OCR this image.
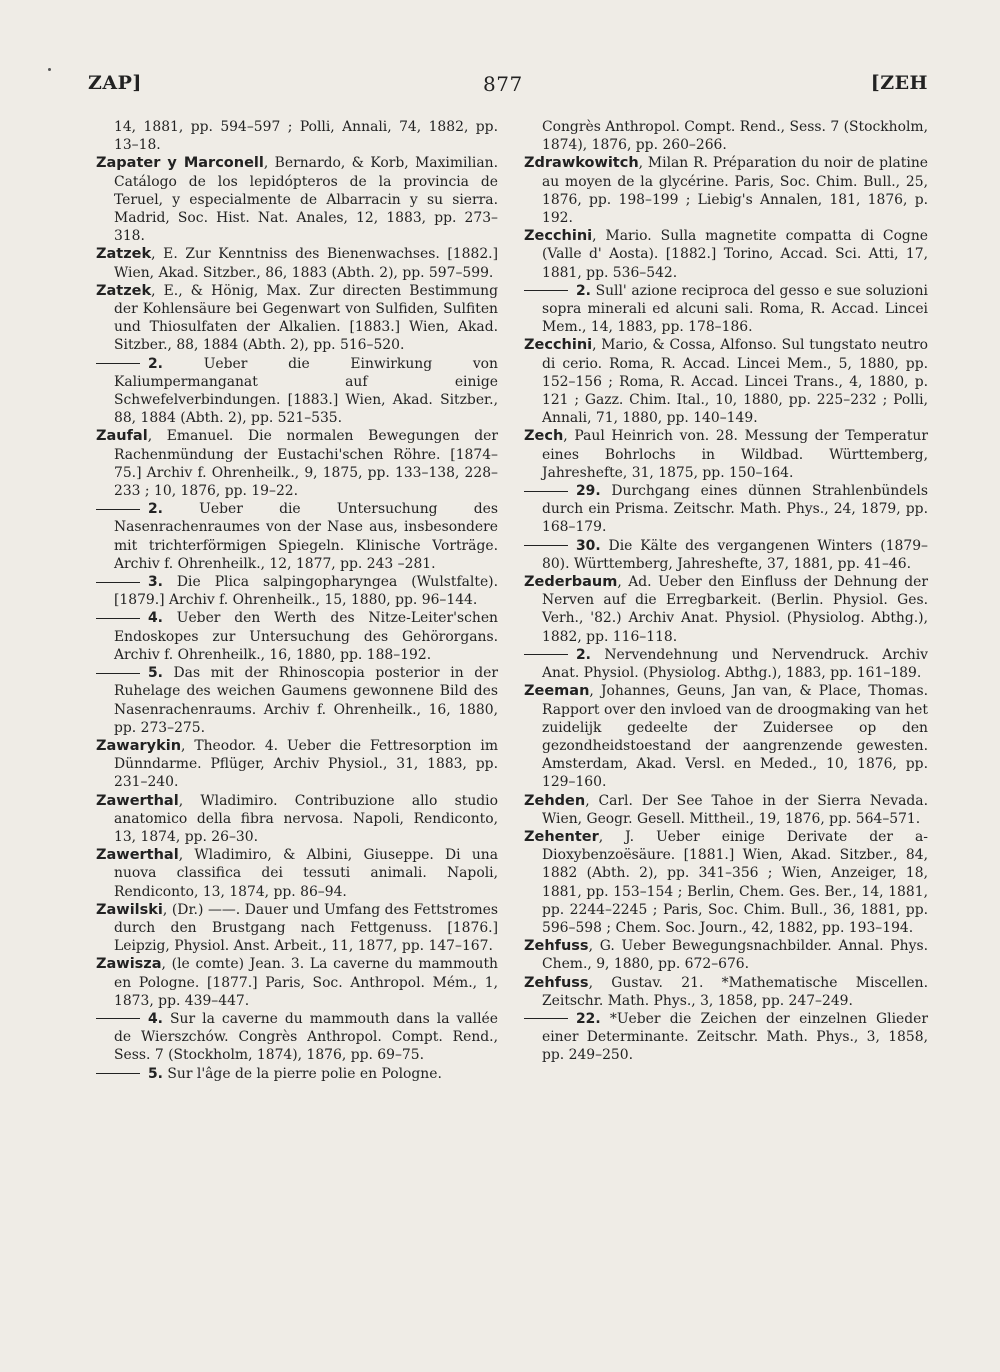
ZAP]	877	[ZEH

14, 1881, pp. 594–597 ; Polli, Annali, 74, 1882, pp. 13–18.

Zapater y Marconell, Bernardo, & Korb, Maximilian. Catálogo de los lepidópteros de la provincia de Teruel, y especialmente de Albarracin y su sierra. Madrid, Soc. Hist. Nat. Anales, 12, 1883, pp. 273–318.

Zatzek, E. Zur Kenntniss des Bienenwachses. [1882.] Wien, Akad. Sitzber., 86, 1883 (Abth. 2), pp. 597–599.

Zatzek, E., & Hönig, Max. Zur directen Bestimmung der Kohlensäure bei Gegenwart von Sulfiden, Sulfiten und Thiosulfaten der Alkalien. [1883.] Wien, Akad. Sitzber., 88, 1884 (Abth. 2), pp. 516–520.

2. Ueber die Einwirkung von Kaliumpermanganat auf einige Schwefelverbindungen. [1883.] Wien, Akad. Sitzber., 88, 1884 (Abth. 2), pp. 521–535.

Zaufal, Emanuel. Die normalen Bewegungen der Rachenmündung der Eustachi'schen Röhre. [1874–75.] Archiv f. Ohrenheilk., 9, 1875, pp. 133–138, 228–233 ; 10, 1876, pp. 19–22.

2. Ueber die Untersuchung des Nasenrachenraumes von der Nase aus, insbesondere mit trichterförmigen Spiegeln. Klinische Vorträge. Archiv f. Ohrenheilk., 12, 1877, pp. 243 –281.

3. Die Plica salpingopharyngea (Wulstfalte). [1879.] Archiv f. Ohrenheilk., 15, 1880, pp. 96–144.

4. Ueber den Werth des Nitze-Leiter'schen Endoskopes zur Untersuchung des Gehörorgans. Archiv f. Ohrenheilk., 16, 1880, pp. 188–192.

5. Das mit der Rhinoscopia posterior in der Ruhelage des weichen Gaumens gewonnene Bild des Nasenrachenraums. Archiv f. Ohrenheilk., 16, 1880, pp. 273–275.

Zawarykin, Theodor. 4. Ueber die Fettresorption im Dünndarme. Pflüger, Archiv Physiol., 31, 1883, pp. 231–240.

Zawerthal, Wladimiro. Contribuzione allo studio anatomico della fibra nervosa. Napoli, Rendiconto, 13, 1874, pp. 26–30.

Zawerthal, Wladimiro, & Albini, Giuseppe. Di una nuova classifica dei tessuti animali. Napoli, Rendiconto, 13, 1874, pp. 86–94.

Zawilski, (Dr.) ——. Dauer und Umfang des Fettstromes durch den Brustgang nach Fettgenuss. [1876.] Leipzig, Physiol. Anst. Arbeit., 11, 1877, pp. 147–167.

Zawisza, (le comte) Jean. 3. La caverne du mammouth en Pologne. [1877.] Paris, Soc. Anthropol. Mém., 1, 1873, pp. 439–447.

4. Sur la caverne du mammouth dans la vallée de Wierszchów. Congrès Anthropol. Compt. Rend., Sess. 7 (Stockholm, 1874), 1876, pp. 69–75.

5. Sur l'âge de la pierre polie en Pologne.

Congrès Anthropol. Compt. Rend., Sess. 7 (Stockholm, 1874), 1876, pp. 260–266.

Zdrawkowitch, Milan R. Préparation du noir de platine au moyen de la glycérine. Paris, Soc. Chim. Bull., 25, 1876, pp. 198–199 ; Liebig's Annalen, 181, 1876, p. 192.

Zecchini, Mario. Sulla magnetite compatta di Cogne (Valle d' Aosta). [1882.] Torino, Accad. Sci. Atti, 17, 1881, pp. 536–542.

2. Sull' azione reciproca del gesso e sue soluzioni sopra minerali ed alcuni sali. Roma, R. Accad. Lincei Mem., 14, 1883, pp. 178–186.

Zecchini, Mario, & Cossa, Alfonso. Sul tungstato neutro di cerio. Roma, R. Accad. Lincei Mem., 5, 1880, pp. 152–156 ; Roma, R. Accad. Lincei Trans., 4, 1880, p. 121 ; Gazz. Chim. Ital., 10, 1880, pp. 225–232 ; Polli, Annali, 71, 1880, pp. 140–149.

Zech, Paul Heinrich von. 28. Messung der Temperatur eines Bohrlochs in Wildbad. Württemberg, Jahreshefte, 31, 1875, pp. 150–164.

29. Durchgang eines dünnen Strahlenbündels durch ein Prisma. Zeitschr. Math. Phys., 24, 1879, pp. 168–179.

30. Die Kälte des vergangenen Winters (1879–80). Württemberg, Jahreshefte, 37, 1881, pp. 41–46.

Zederbaum, Ad. Ueber den Einfluss der Dehnung der Nerven auf die Erregbarkeit. (Berlin. Physiol. Ges. Verh., '82.) Archiv Anat. Physiol. (Physiolog. Abthg.), 1882, pp. 116–118.

2. Nervendehnung und Nervendruck. Archiv Anat. Physiol. (Physiolog. Abthg.), 1883, pp. 161–189.

Zeeman, Johannes, Geuns, Jan van, & Place, Thomas. Rapport over den invloed van de droogmaking van het zuidelijk gedeelte der Zuidersee op den gezondheidstoestand der aangrenzende gewesten. Amsterdam, Akad. Versl. en Meded., 10, 1876, pp. 129–160.

Zehden, Carl. Der See Tahoe in der Sierra Nevada. Wien, Geogr. Gesell. Mittheil., 19, 1876, pp. 564–571.

Zehenter, J. Ueber einige Derivate der a-Dioxybenzoësäure. [1881.] Wien, Akad. Sitzber., 84, 1882 (Abth. 2), pp. 341–356 ; Wien, Anzeiger, 18, 1881, pp. 153–154 ; Berlin, Chem. Ges. Ber., 14, 1881, pp. 2244–2245 ; Paris, Soc. Chim. Bull., 36, 1881, pp. 596–598 ; Chem. Soc. Journ., 42, 1882, pp. 193–194.

Zehfuss, G. Ueber Bewegungsnachbilder. Annal. Phys. Chem., 9, 1880, pp. 672–676.

Zehfuss, Gustav. 21. *Mathematische Miscellen. Zeitschr. Math. Phys., 3, 1858, pp. 247–249.

22. *Ueber die Zeichen der einzelnen Glieder einer Determinante. Zeitschr. Math. Phys., 3, 1858, pp. 249–250.
